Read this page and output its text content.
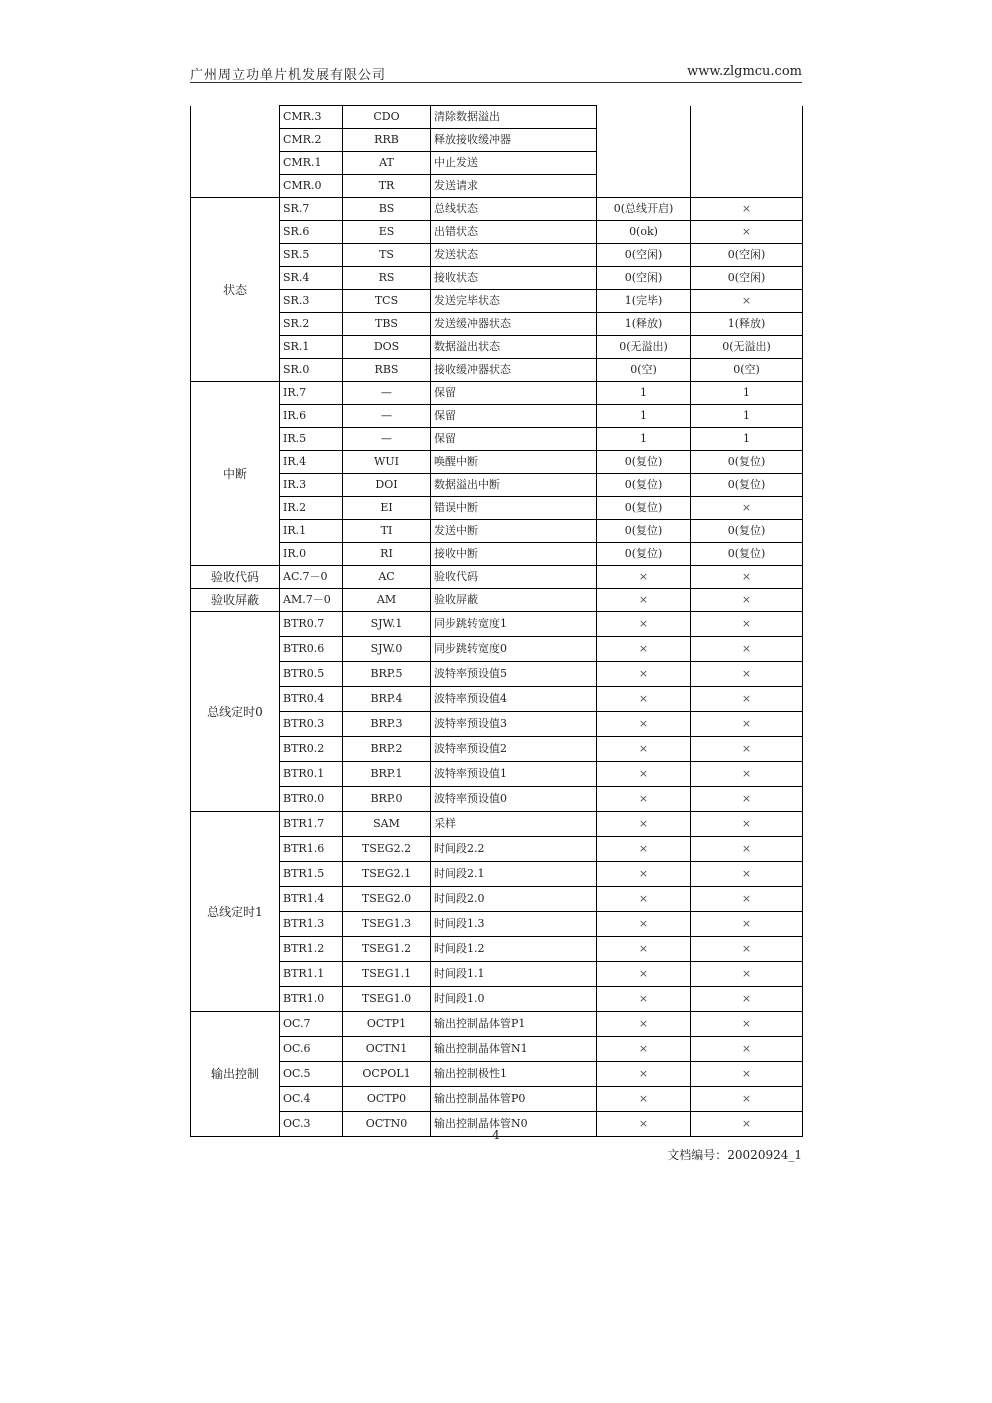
广州周立功单片机发展有限公司	www.zlgmcu.com
	CMR.3	CDO	清除数据溢出		
	CMR.2	RRB	释放接收缓冲器		
	CMR.1	AT	中止发送		
	CMR.0	TR	发送请求		
状态	SR.7	BS	总线状态	0(总线开启)	×
	SR.6	ES	出错状态	0(ok)	×
	SR.5	TS	发送状态	0(空闲)	0(空闲)
	SR.4	RS	接收状态	0(空闲)	0(空闲)
	SR.3	TCS	发送完毕状态	1(完毕)	×
	SR.2	TBS	发送缓冲器状态	1(释放)	1(释放)
	SR.1	DOS	数据溢出状态	0(无溢出)	0(无溢出)
	SR.0	RBS	接收缓冲器状态	0(空)	0(空)
中断	IR.7	—	保留	1	1
	IR.6	—	保留	1	1
	IR.5	—	保留	1	1
	IR.4	WUI	唤醒中断	0(复位)	0(复位)
	IR.3	DOI	数据溢出中断	0(复位)	0(复位)
	IR.2	EI	错误中断	0(复位)	×
	IR.1	TI	发送中断	0(复位)	0(复位)
	IR.0	RI	接收中断	0(复位)	0(复位)
验收代码	AC.7－0	AC	验收代码	×	×
验收屏蔽	AM.7－0	AM	验收屏蔽	×	×
总线定时0	BTR0.7	SJW.1	同步跳转宽度1	×	×
	BTR0.6	SJW.0	同步跳转宽度0	×	×
	BTR0.5	BRP.5	波特率预设值5	×	×
	BTR0.4	BRP.4	波特率预设值4	×	×
	BTR0.3	BRP.3	波特率预设值3	×	×
	BTR0.2	BRP.2	波特率预设值2	×	×
	BTR0.1	BRP.1	波特率预设值1	×	×
	BTR0.0	BRP.0	波特率预设值0	×	×
总线定时1	BTR1.7	SAM	采样	×	×
	BTR1.6	TSEG2.2	时间段2.2	×	×
	BTR1.5	TSEG2.1	时间段2.1	×	×
	BTR1.4	TSEG2.0	时间段2.0	×	×
	BTR1.3	TSEG1.3	时间段1.3	×	×
	BTR1.2	TSEG1.2	时间段1.2	×	×
	BTR1.1	TSEG1.1	时间段1.1	×	×
	BTR1.0	TSEG1.0	时间段1.0	×	×
输出控制	OC.7	OCTP1	输出控制晶体管P1	×	×
	OC.6	OCTN1	输出控制晶体管N1	×	×
	OC.5	OCPOL1	输出控制极性1	×	×
	OC.4	OCTP0	输出控制晶体管P0	×	×
	OC.3	OCTN0	输出控制晶体管N0	×	×
4
文档编号：20020924_1
